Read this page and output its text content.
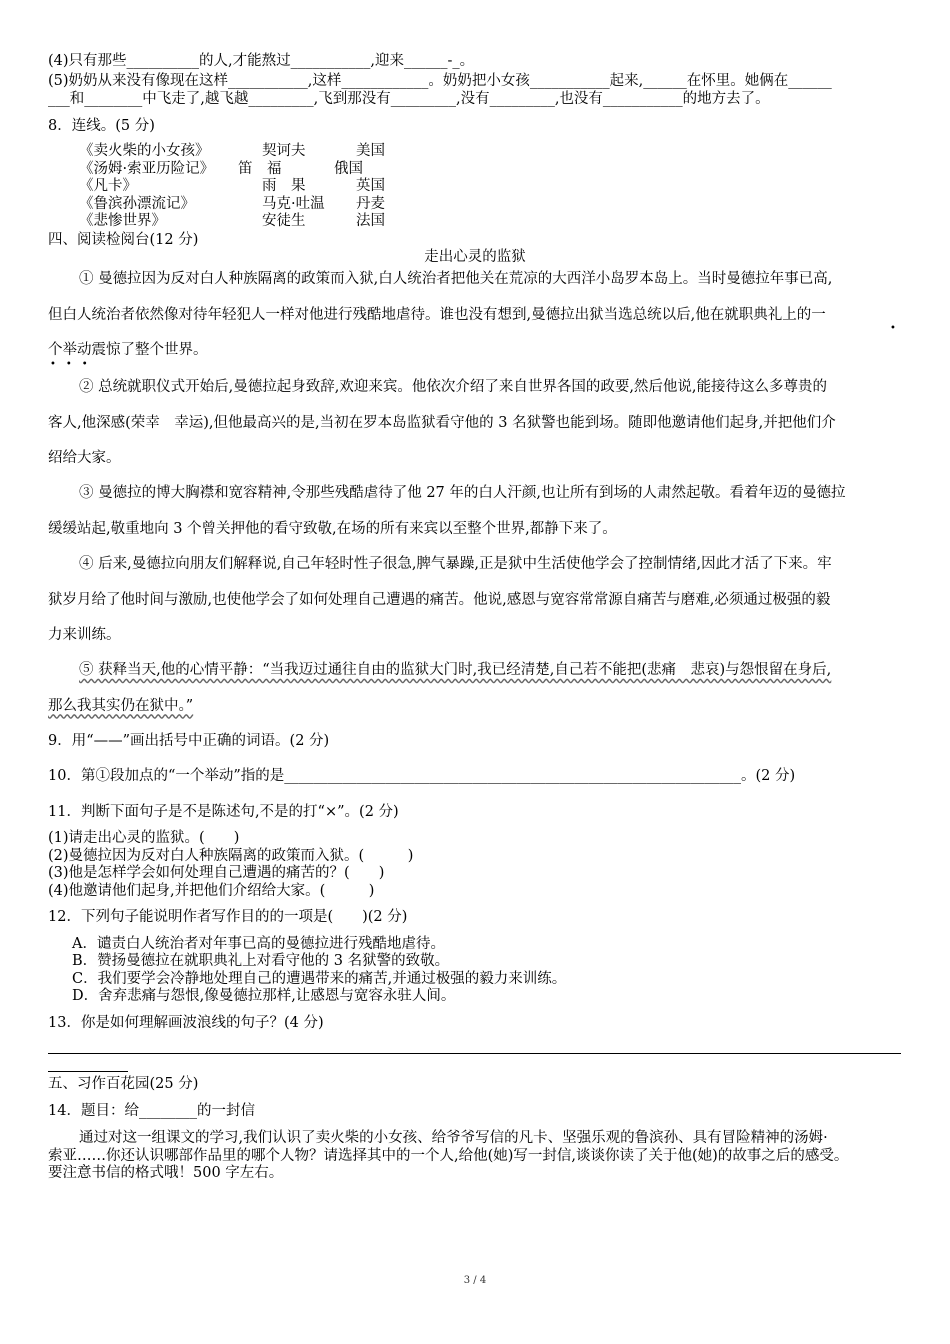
(4)只有那些__________的人,才能熬过___________,迎来______-_。
(5)奶奶从来没有像现在这样___________,这样____________。奶奶把小女孩___________起来,______在怀里。她俩在______
___和________中飞走了,越飞越_________,飞到那没有_________,没有_________,也没有___________的地方去了。
8．连线。(5 分)
《卖火柴的小女孩》
《汤姆·索亚历险记》
《凡卡》
《鲁滨孙漂流记》
《悲惨世界》
契诃夫
笛　福
雨　果
马克·吐温
安徒生
美国
俄国
英国
丹麦
法国
四、阅读检阅台(12 分)
走出心灵的监狱
① 曼德拉因为反对白人种族隔离的政策而入狱,白人统治者把他关在荒凉的大西洋小岛罗本岛上。当时曼德拉年事已高,
但白人统治者依然像对待年轻犯人一样对他进行残酷地虐待。谁也没有想到,曼德拉出狱当选总统以后,他在就职典礼上的一
个举动震惊了整个世界。
•
•••
② 总统就职仪式开始后,曼德拉起身致辞,欢迎来宾。他依次介绍了来自世界各国的政要,然后他说,能接待这么多尊贵的
客人,他深感(荣幸　幸运),但他最高兴的是,当初在罗本岛监狱看守他的 3 名狱警也能到场。随即他邀请他们起身,并把他们介
绍给大家。
③ 曼德拉的博大胸襟和宽容精神,令那些残酷虐待了他 27 年的白人汗颜,也让所有到场的人肃然起敬。看着年迈的曼德拉
缓缓站起,敬重地向 3 个曾关押他的看守致敬,在场的所有来宾以至整个世界,都静下来了。
④ 后来,曼德拉向朋友们解释说,自己年轻时性子很急,脾气暴躁,正是狱中生活使他学会了控制情绪,因此才活了下来。牢
狱岁月给了他时间与激励,也使他学会了如何处理自己遭遇的痛苦。他说,感恩与宽容常常源自痛苦与磨难,必须通过极强的毅
力来训练。
⑤ 获释当天,他的心情平静：“当我迈过通往自由的监狱大门时,我已经清楚,自己若不能把(悲痛　悲哀)与怨恨留在身后,
那么我其实仍在狱中。”
9．用“——”画出括号中正确的词语。(2 分)
10．第①段加点的“一个举动”指的是_______________________________________________________________。(2 分)
11．判断下面句子是不是陈述句,不是的打“×”。(2 分)
(1)请走出心灵的监狱。(　　)
(2)曼德拉因为反对白人种族隔离的政策而入狱。(　　　)
(3)他是怎样学会如何处理自己遭遇的痛苦的？(　　)
(4)他邀请他们起身,并把他们介绍给大家。(　　　)
12．下列句子能说明作者写作目的的一项是(　　)(2 分)
A．谴责白人统治者对年事已高的曼德拉进行残酷地虐待。
B．赞扬曼德拉在就职典礼上对看守他的 3 名狱警的致敬。
C．我们要学会冷静地处理自己的遭遇带来的痛苦,并通过极强的毅力来训练。
D．舍弃悲痛与怨恨,像曼德拉那样,让感恩与宽容永驻人间。
13．你是如何理解画波浪线的句子？(4 分)
五、习作百花园(25 分)
14．题目：给________的一封信
通过对这一组课文的学习,我们认识了卖火柴的小女孩、给爷爷写信的凡卡、坚强乐观的鲁滨孙、具有冒险精神的汤姆·
索亚……你还认识哪部作品里的哪个人物？请选择其中的一个人,给他(她)写一封信,谈谈你读了关于他(她)的故事之后的感受。
要注意书信的格式哦！500 字左右。
3 / 4
